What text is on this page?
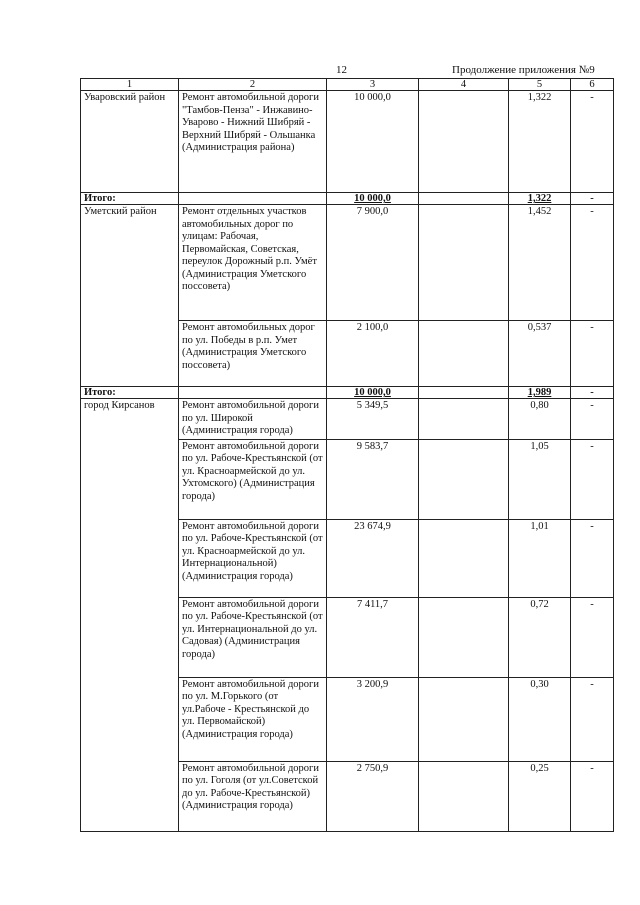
12	Продолжение приложения №9
1	2	3	4	5	6
Уваровский район	Ремонт автомобильной дороги "Тамбов-Пенза" - Инжавино-Уварово - Нижний Шибряй - Верхний Шибряй - Ольшанка (Администрация района)	10 000,0		1,322	-
Итого:		10 000,0		1,322	-
Уметский район	Ремонт отдельных участков автомобильных дорог по улицам: Рабочая, Первомайская, Советская, переулок Дорожный р.п. Умёт (Администрация Уметского поссовета)	7 900,0		1,452	-
	Ремонт автомобильных дорог по ул. Победы в р.п. Умет (Администрация Уметского поссовета)	2 100,0		0,537	-
Итого:		10 000,0		1,989	-
город Кирсанов	Ремонт автомобильной дороги по ул. Широкой (Администрация города)	5 349,5		0,80	-
	Ремонт автомобильной дороги по ул. Рабоче-Крестьянской (от ул. Красноармейской до ул. Ухтомского) (Администрация города)	9 583,7		1,05	-
	Ремонт автомобильной дороги по ул. Рабоче-Крестьянской (от ул. Красноармейской до ул. Интернациональной) (Администрация города)	23 674,9		1,01	-
	Ремонт автомобильной дороги по ул. Рабоче-Крестьянской (от ул. Интернациональной до ул. Садовая) (Администрация города)	7 411,7		0,72	-
	Ремонт автомобильной дороги по ул. М.Горького (от ул.Рабоче - Крестьянской до ул. Первомайской) (Администрация города)	3 200,9		0,30	-
	Ремонт автомобильной дороги по ул. Гоголя (от ул.Советской до ул. Рабоче-Крестьянской) (Администрация города)	2 750,9		0,25	-
